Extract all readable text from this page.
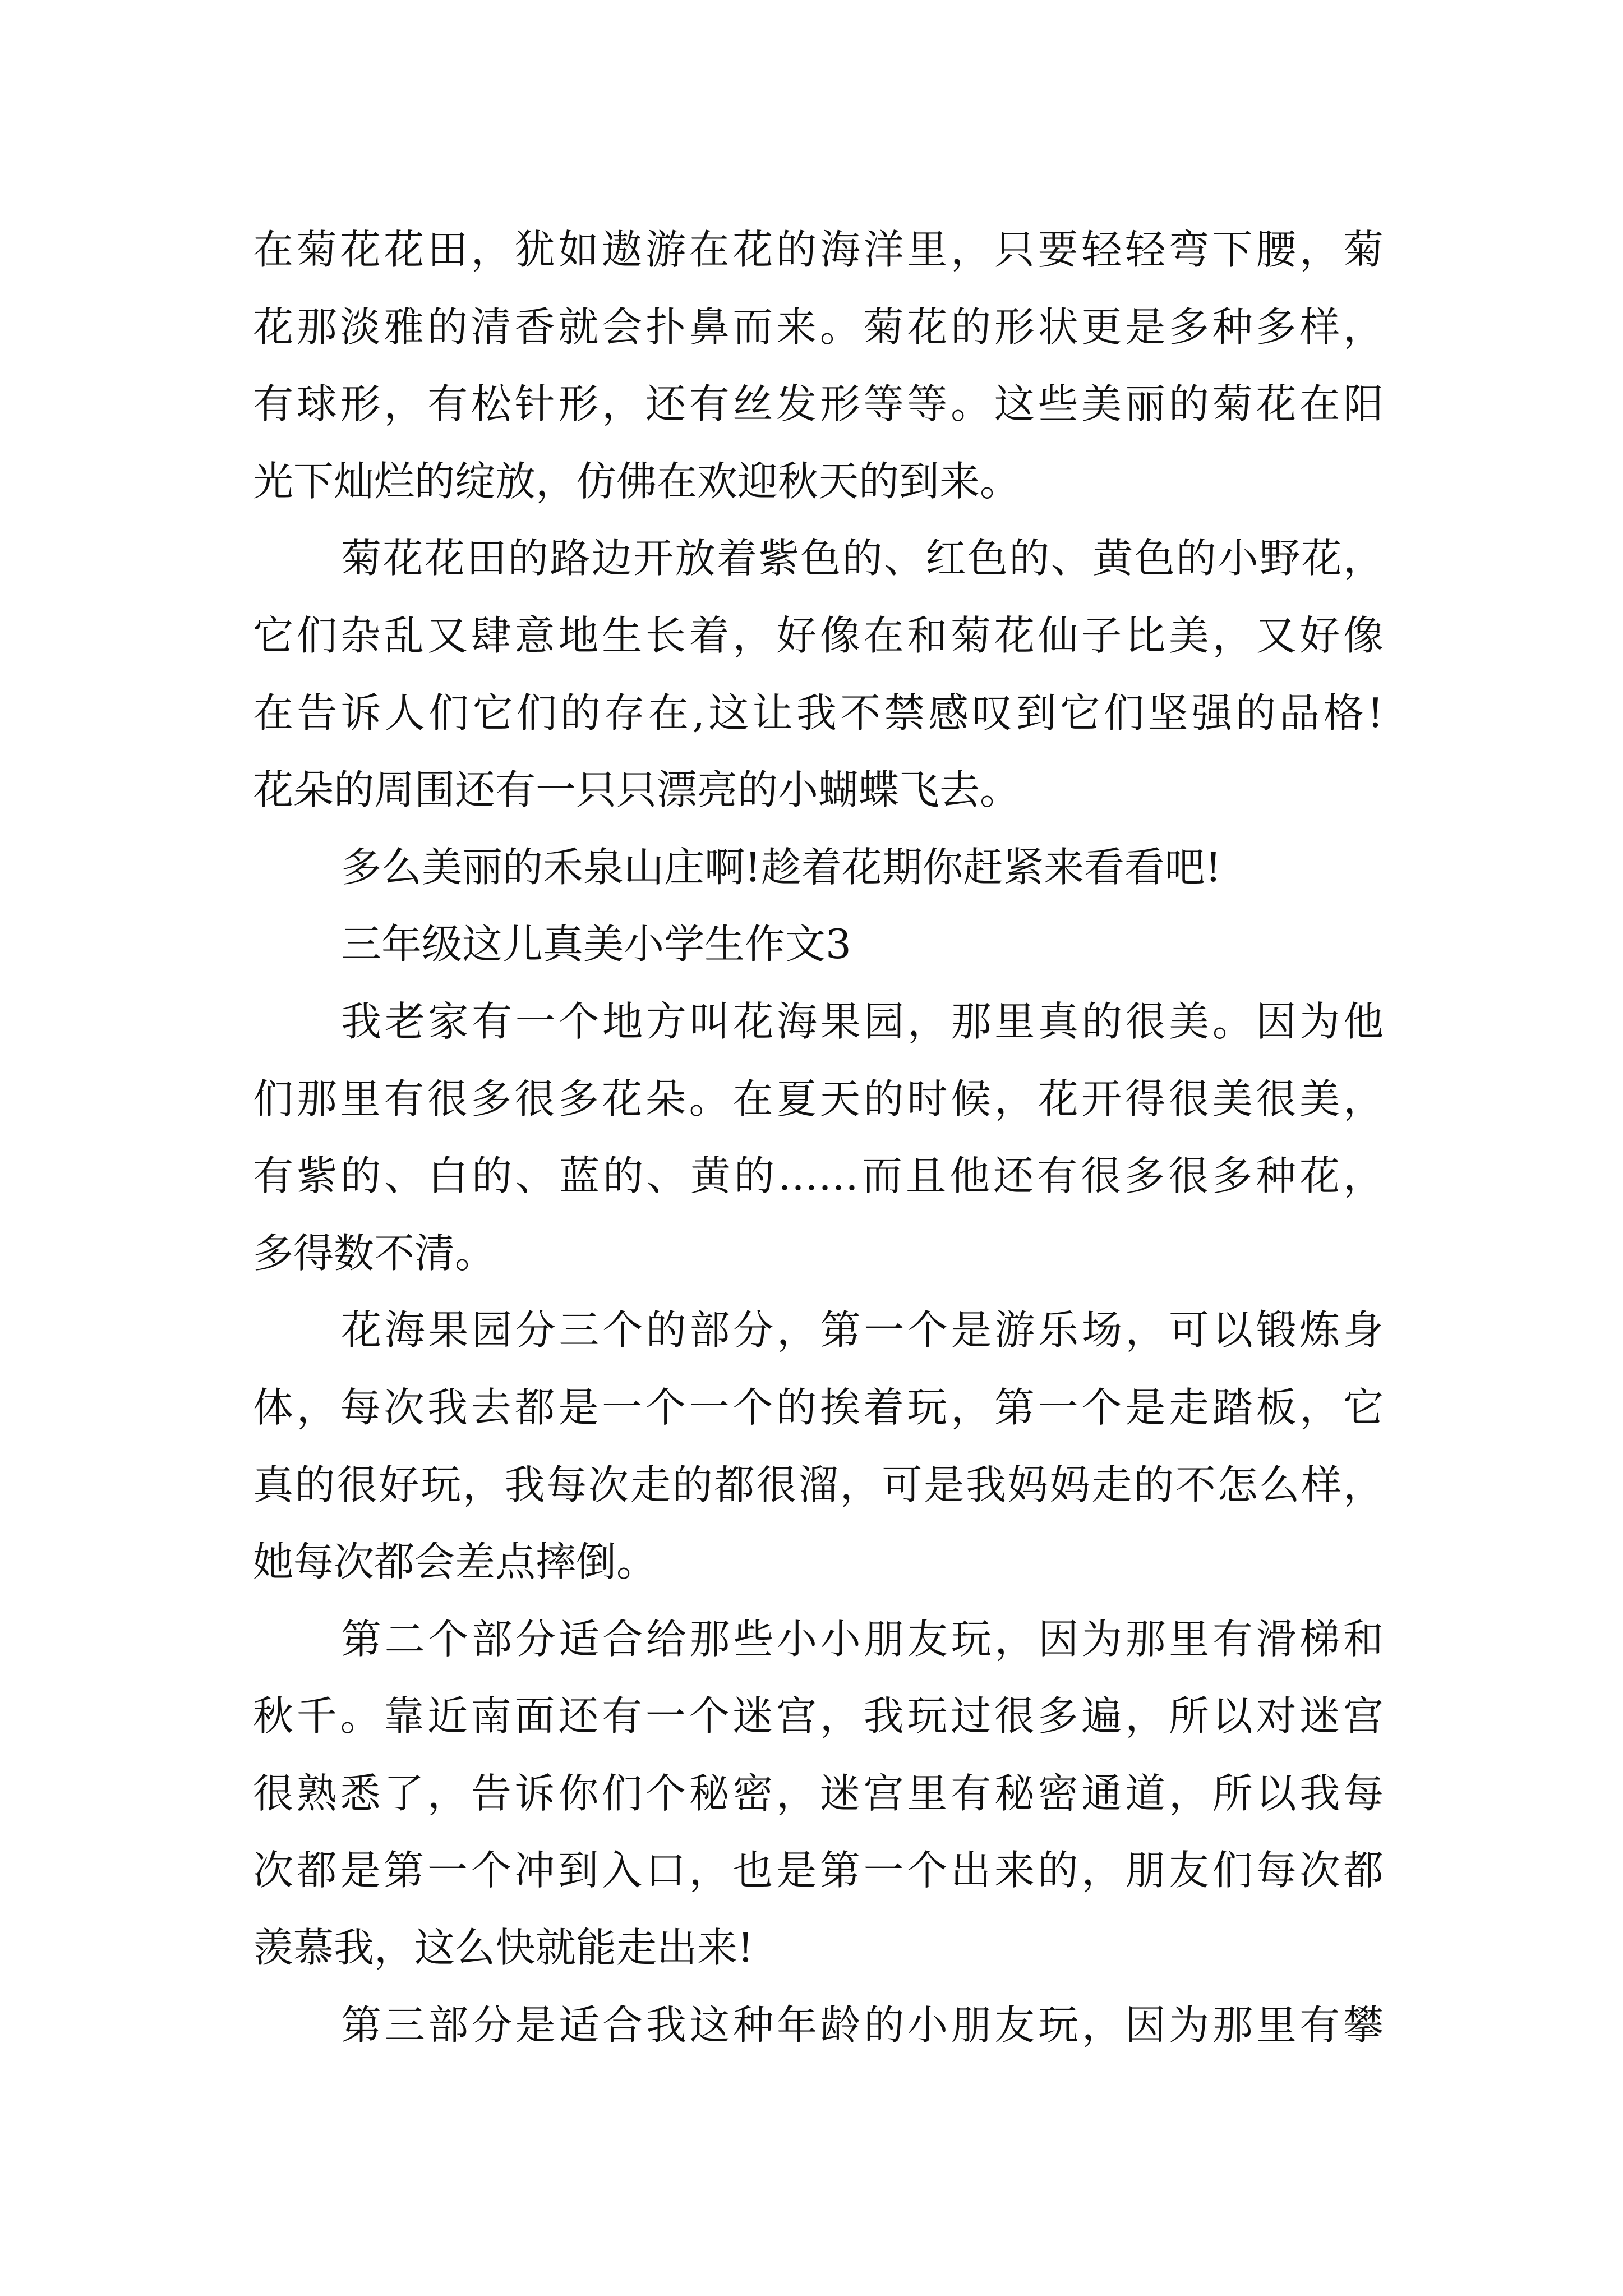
在菊花花田，犹如遨游在花的海洋里，只要轻轻弯下腰，菊
花那淡雅的清香就会扑鼻而来。菊花的形状更是多种多样，
有球形，有松针形，还有丝发形等等。这些美丽的菊花在阳
光下灿烂的绽放，仿佛在欢迎秋天的到来。
菊花花田的路边开放着紫色的、红色的、黄色的小野花，
它们杂乱又肆意地生长着，好像在和菊花仙子比美，又好像
在告诉人们它们的存在,这让我不禁感叹到它们坚强的品格!
花朵的周围还有一只只漂亮的小蝴蝶飞去。
多么美丽的禾泉山庄啊!趁着花期你赶紧来看看吧!
三年级这儿真美小学生作文3
我老家有一个地方叫花海果园，那里真的很美。因为他
们那里有很多很多花朵。在夏天的时候，花开得很美很美，
有紫的、白的、蓝的、黄的……而且他还有很多很多种花，
多得数不清。
花海果园分三个的部分，第一个是游乐场，可以锻炼身
体，每次我去都是一个一个的挨着玩，第一个是走踏板，它
真的很好玩，我每次走的都很溜，可是我妈妈走的不怎么样，
她每次都会差点摔倒。
第二个部分适合给那些小小朋友玩，因为那里有滑梯和
秋千。靠近南面还有一个迷宫，我玩过很多遍，所以对迷宫
很熟悉了，告诉你们个秘密，迷宫里有秘密通道，所以我每
次都是第一个冲到入口，也是第一个出来的，朋友们每次都
羡慕我，这么快就能走出来!
第三部分是适合我这种年龄的小朋友玩，因为那里有攀
